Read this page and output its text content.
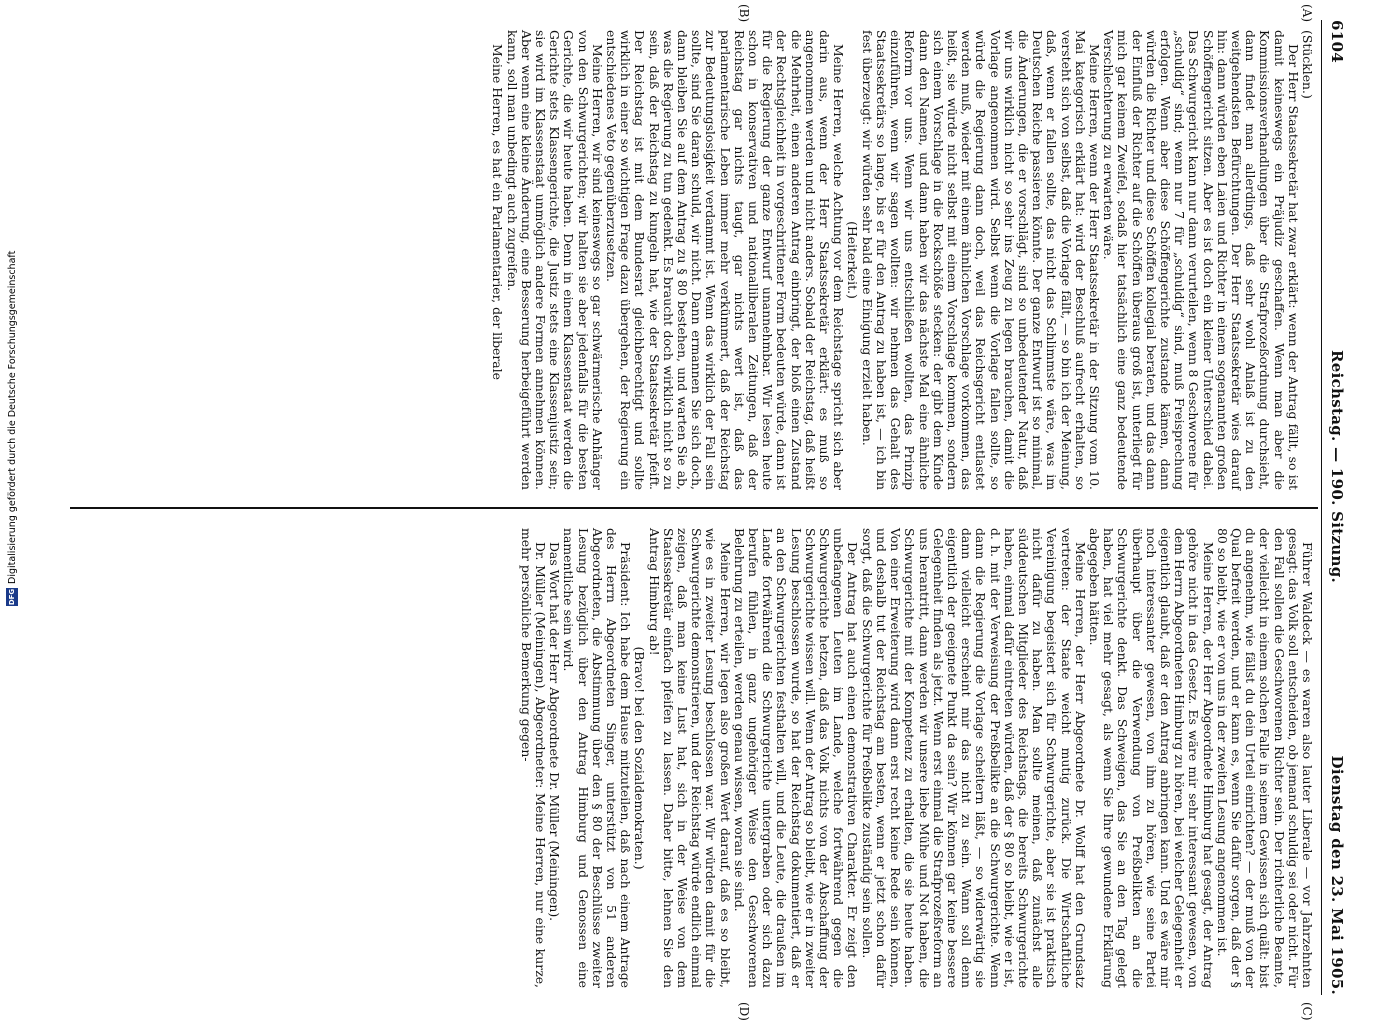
6104
Reichstag. — 190. Sitzung.
Dienstag den 23. Mai 1905.
(A)
(B)
(C)
(D)

(Stücklen.)

Der Herr Staatssekretär hat zwar erklärt: wenn der Antrag fällt, so ist damit keineswegs ein Präjudiz geschaffen. Wenn man aber die Kommissionsverhandlungen über die Strafprozeßordnung durchsieht, dann findet man allerdings, daß sehr wohl Anlaß ist zu den weitgehendsten Befürchtungen. Der Herr Staatssekretär wies darauf hin: dann würden eben Laien und Richter in einem sogenannten großen Schöffengericht sitzen. Aber es ist doch ein kleiner Unterschied dabei. Das Schwurgericht kann nur dann verurteilen, wenn 8 Geschworene für „schuldig“ sind; wenn nur 7 für „schuldig“ sind, muß Freisprechung erfolgen. Wenn aber diese Schöffengerichte zustande kämen, dann würden die Richter und diese Schöffen kollegial beraten, und das dann der Einfluß der Richter auf die Schöffen überaus groß ist, unterliegt für mich gar keinem Zweifel, sodaß hier tatsächlich eine ganz bedeutende Verschlechterung zu erwarten wäre.

Meine Herren, wenn der Herr Staatssekretär in der Sitzung vom 10. Mai kategorisch erklärt hat: wird der Beschluß aufrecht erhalten, so versteht sich von selbst, daß die Vorlage fällt, — so bin ich der Meinung, daß, wenn er fallen sollte, das nicht das Schlimmste wäre, was im Deutschen Reiche passieren könnte. Der ganze Entwurf ist so minimal, die Änderungen, die er vorschlägt, sind so unbedeutender Natur, daß wir uns wirklich nicht so sehr ins Zeug zu legen brauchen, damit die Vorlage angenommen wird. Selbst wenn die Vorlage fallen sollte, so würde die Regierung dann doch, weil das Reichsgericht entlastet werden muß, wieder mit einem ähnlichen Vorschlage vorkommen, das heißt, sie würde nicht selbst mit einem Vorschlage kommen, sondern sich einem Vorschlage in die Rockschöße stecken: der gibt dem Kinde dann den Namen, und dann haben wir das nächste Mal eine ähnliche Reform vor uns. Wenn wir uns entschließen wollten, das Prinzip einzuführen, wenn wir sagen wollten: wir nehmen das Gehalt des Staatssekretärs so lange, bis er für den Antrag zu haben ist, — ich bin fest überzeugt: wir würden sehr bald eine Einigung erzielt haben.

(Heiterkeit.)

Meine Herren, welche Achtung vor dem Reichstage spricht sich aber darin aus, wenn der Herr Staatssekretär erklärt: es muß so angenommen werden und nicht anders. Sobald der Reichstag, daß heißt die Mehrheit, einen anderen Antrag einbringt, der bloß einen Zustand der Rechtsgleichheit in vorgeschrittener Form bedeuten würde, dann ist für die Regierung der ganze Entwurf unannehmbar. Wir lesen heute schon in konservativen und nationalliberalen Zeitungen, daß der Reichstag gar nichts taugt, gar nichts wert ist, daß das parlamentarische Leben immer mehr verkümmert, daß der Reichstag zur Bedeutungslosigkeit verdammt ist. Wenn das wirklich der Fall sein sollte, sind Sie daran schuld, wir nicht. Dann ermannen Sie sich doch, dann bleiben Sie auf dem Antrag zu § 80 bestehen, und warten Sie ab, was die Regierung zu tun gedenkt. Es braucht doch wirklich nicht so zu sein, daß der Reichstag zu kungeln hat, wie der Staatssekretär pfeift. Der Reichstag ist mit dem Bundesrat gleichberechtigt und sollte wirklich in einer so wichtigen Frage dazu übergehen, der Regierung ein entschiedenes Veto gegenüberzusetzen.

Meine Herren, wir sind keineswegs so gar schwärmerische Anhänger von den Schwurgerichten; wir halten sie aber jedenfalls für die besten Gerichte, die wir heute haben. Denn in einem Klassenstaat werden die Gerichte stets Klassengerichte, die Justiz stets eine Klassenjustiz sein; sie wird im Klassenstaat unmöglich andere Formen annehmen können. Aber wenn eine kleine Änderung, eine Besserung herbeigeführt werden kann, soll man unbedingt auch zugreifen.

Meine Herren, es hat ein Parlamentarier, der liberale

Führer Waldeck — es waren also lauter Liberale — vor Jahrzehnten gesagt: das Volk soll entscheiden, ob jemand schuldig sei oder nicht. Für den Fall sollen die Geschworenen Richter sein. Der richterliche Beamte, der vielleicht in einem solchen Falle in seinem Gewissen sich quält: bist du angenehm, wie fällst du dein Urteil einrichten? — der muß von der Qual befreit werden, und er kann es, wenn Sie dafür sorgen, daß der § 80 so bleibt, wie er von uns in der zweiten Lesung angenommen ist.

Meine Herren, der Herr Abgeordnete Himburg hat gesagt, der Antrag gehöre nicht in das Gesetz. Es wäre mir sehr interessant gewesen, von dem Herrn Abgeordneten Himburg zu hören, bei welcher Gelegenheit er eigentlich glaubt, daß er den Antrag anbringen kann. Und es wäre mir noch interessanter gewesen, von ihm zu hören, wie seine Partei überhaupt über die Verwendung von Preßbelikten an die Schwurgerichte denkt. Das Schweigen, das Sie an den Tag gelegt haben, hat viel mehr gesagt, als wenn Sie Ihre gewundene Erklärung abgegeben hätten.

Meine Herren, der Herr Abgeordnete Dr. Wolff hat den Grundsatz vertreten: der Staate weicht mutig zurück. Die Wirtschaftliche Vereinigung begeistert sich für Schwurgerichte, aber sie ist praktisch nicht dafür zu haben. Man sollte meinen, daß zunächst alle süddeutschen Mitglieder des Reichstags, die bereits Schwurgerichte haben, einmal dafür eintreten würden, daß der § 80 so bleibt, wie er ist, d. h. mit der Verweisung der Preßbelikte an die Schwurgerichte. Wenn dann die Regierung die Vorlage scheitern läßt, — so widerwärtig sie dann vielleicht erscheint mir das nicht zu sein. Wann soll denn eigentlich der geeignete Punkt da sein? Wir können gar keine bessere Gelegenheit finden als jetzt. Wenn erst einmal die Strafprozeßreform an uns herantritt, dann werden wir unsere liebe Mühe und Not haben, die Schwurgerichte mit der Kompetenz zu erhalten, die sie heute haben. Von einer Erweiterung wird dann erst recht keine Rede sein können, und deshalb tut der Reichstag am besten, wenn er jetzt schon dafür sorgt, daß die Schwurgerichte für Preßbelikte zuständig sein sollen.

Der Antrag hat auch einen demonstrativen Charakter. Er zeigt den unbefangenen Leuten im Lande, welche fortwährend gegen die Schwurgerichte hetzen, daß das Volk nichts von der Abschaffung der Schwurgerichte wissen will. Wenn der Antrag so bleibt, wie er in zweiter Lesung beschlossen wurde, so hat der Reichstag dokumentiert, daß er an den Schwurgerichten festhalten will, und die Leute, die draußen im Lande fortwährend die Schwurgerichte untergraben oder sich dazu berufen fühlen, in ganz ungehöriger Weise den Geschworenen Belehrung zu erteilen, werden genau wissen, woran sie sind.

Meine Herren, wir legen also großen Wert darauf, daß es so bleibt, wie es in zweiter Lesung beschlossen war. Wir würden damit für die Schwurgerichte demonstrieren, und der Reichstag würde endlich einmal zeigen, daß man keine Lust hat, sich in der Weise von dem Staatssekretär einfach pfeifen zu lassen. Daher bitte, lehnen Sie den Antrag Himburg ab!

(Bravo! bei den Sozialdemokraten.)

Präsident: Ich habe dem Hause mitzuteilen, daß nach einem Antrage des Herrn Abgeordneten Singer, unterstützt von 51 anderen Abgeordneten, die Abstimmung über den § 80 der Beschlüsse zweiter Lesung bezüglich über den Antrag Himburg und Genossen eine namentliche sein wird.

Das Wort hat der Herr Abgeordnete Dr. Müller (Meiningen).

Dr. Müller (Meiningen), Abgeordneter: Meine Herren, nur eine kurze, mehr persönliche Bemerkung gegen-

DFG
Digitalisierung gefördert durch die Deutsche Forschungsgemeinschaft
